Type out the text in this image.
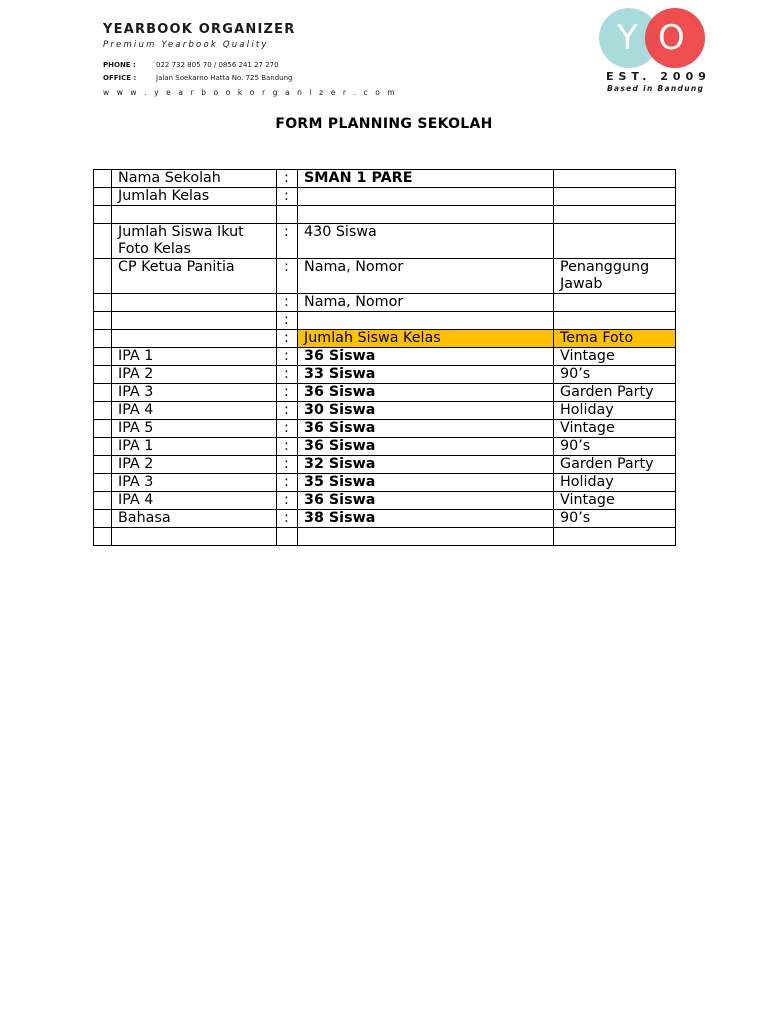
YEARBOOK ORGANIZER
Premium Yearbook Quality
PHONE :	022 732 805 70 / 0856 241 27 270
OFFICE :	Jalan Soekarno Hatta No. 725 Bandung
w w w . y e a r b o o k o r g a n i z e r . c o m
Y O
EST. 2009
Based in Bandung
FORM PLANNING SEKOLAH
	Nama Sekolah	:	SMAN 1 PARE	
	Jumlah Kelas	:		

	Jumlah Siswa Ikut Foto Kelas	:	430 Siswa	
	CP Ketua Panitia	:	Nama, Nomor	Penanggung Jawab
		:	Nama, Nomor	
		:		
		:	Jumlah Siswa Kelas	Tema Foto
	IPA 1	:	36 Siswa	Vintage
	IPA 2	:	33 Siswa	90’s
	IPA 3	:	36 Siswa	Garden Party
	IPA 4	:	30 Siswa	Holiday
	IPA 5	:	36 Siswa	Vintage
	IPA 1	:	36 Siswa	90’s
	IPA 2	:	32 Siswa	Garden Party
	IPA 3	:	35 Siswa	Holiday
	IPA 4	:	36 Siswa	Vintage
	Bahasa	:	38 Siswa	90’s
